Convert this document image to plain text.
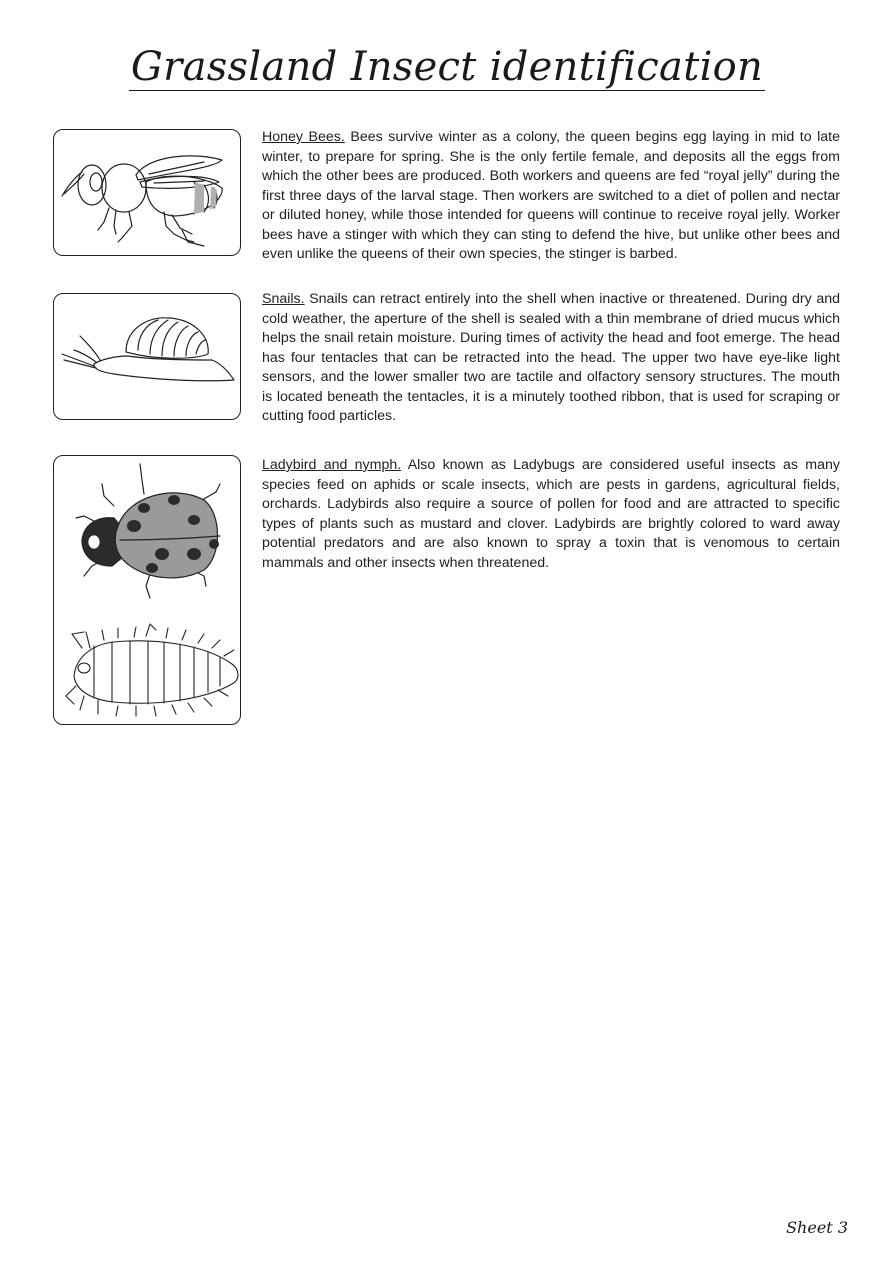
Grassland Insect identification

Honey Bees. Bees survive winter as a colony, the queen begins egg laying in mid to late winter, to prepare for spring. She is the only fertile female, and deposits all the eggs from which the other bees are produced. Both workers and queens are fed “royal jelly” during the first three days of the larval stage. Then workers are switched to a diet of pollen and nectar or diluted honey, while those intended for queens will continue to receive royal jelly. Worker bees have a stinger with which they can sting to defend the hive, but unlike other bees and even unlike the queens of their own species, the stinger is barbed.

Snails. Snails can retract entirely into the shell when inactive or threatened. During dry and cold weather, the aperture of the shell is sealed with a thin membrane of dried mucus which helps the snail retain moisture. During times of activity the head and foot emerge. The head has four tentacles that can be retracted into the head. The upper two have eye-like light sensors, and the lower smaller two are tactile and olfactory sensory structures. The mouth is located beneath the tentacles, it is a minutely toothed ribbon, that is used for scraping or cutting food particles.

Ladybird and nymph. Also known as Ladybugs are considered useful insects as many species feed on aphids or scale insects, which are pests in gardens, agricultural fields, orchards. Ladybirds also require a source of pollen for food and are attracted to specific types of plants such as mustard and clover. Ladybirds are brightly colored to ward away potential predators and are also known to spray a toxin that is venomous to certain mammals and other insects when threatened.

Sheet 3
